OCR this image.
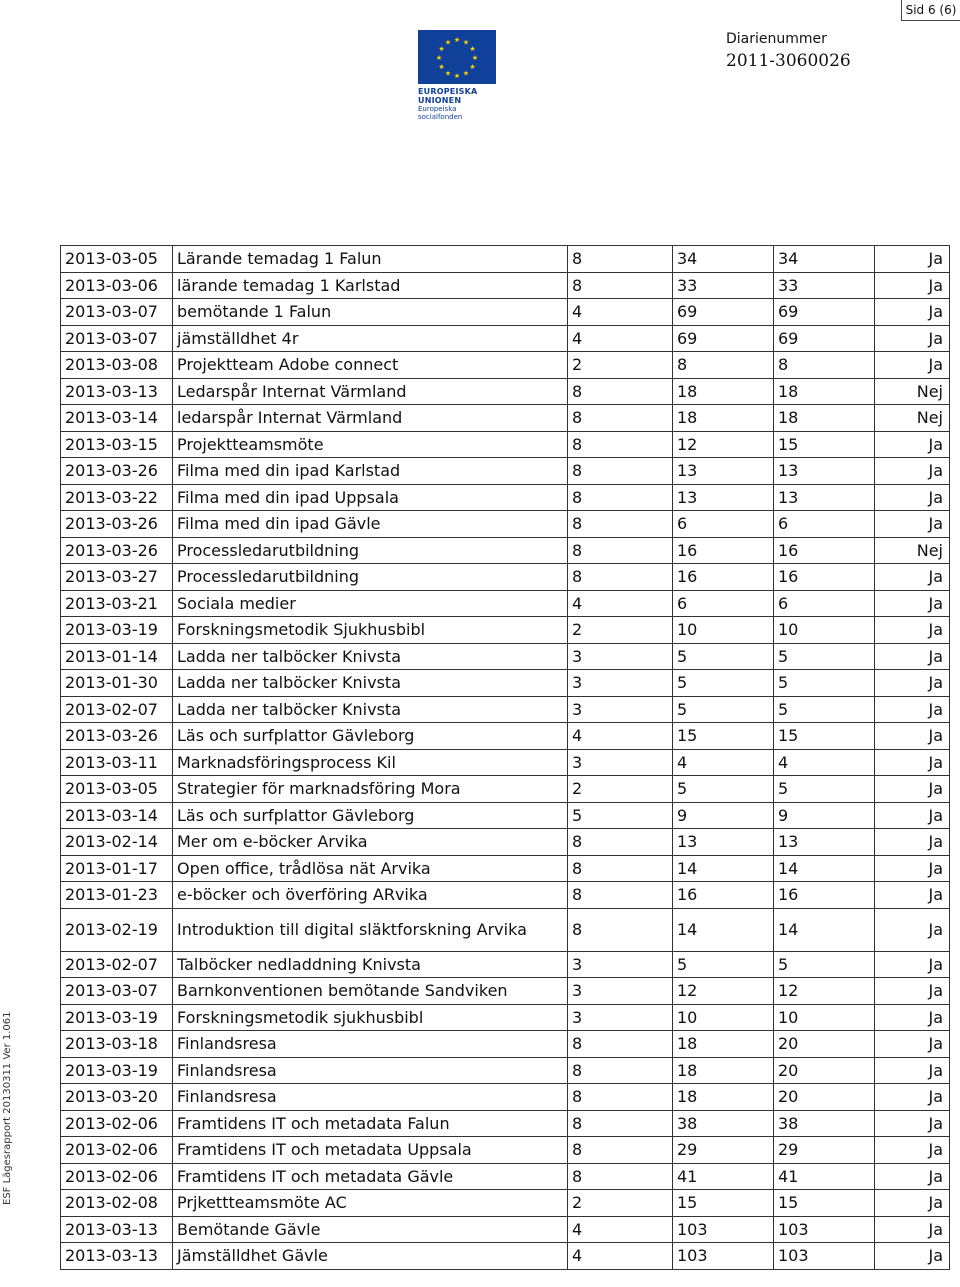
Sid 6 (6)
★ ★
★
★
★
★
★
★
★
★
★
★
EUROPEISKA UNIONEN
Europeiska socialfonden
Diarienummer
2011-3060026
ESF Lägesrapport 20130311 Ver 1.061
2013-03-05	Lärande temadag 1 Falun	8	34	34	Ja
2013-03-06	lärande temadag 1 Karlstad	8	33	33	Ja
2013-03-07	bemötande 1 Falun	4	69	69	Ja
2013-03-07	jämställdhet 4r	4	69	69	Ja
2013-03-08	Projektteam Adobe connect	2	8	8	Ja
2013-03-13	Ledarspår Internat Värmland	8	18	18	Nej
2013-03-14	ledarspår Internat Värmland	8	18	18	Nej
2013-03-15	Projektteamsmöte	8	12	15	Ja
2013-03-26	Filma med din ipad Karlstad	8	13	13	Ja
2013-03-22	Filma med din ipad Uppsala	8	13	13	Ja
2013-03-26	Filma med din ipad Gävle	8	6	6	Ja
2013-03-26	Processledarutbildning	8	16	16	Nej
2013-03-27	Processledarutbildning	8	16	16	Ja
2013-03-21	Sociala medier	4	6	6	Ja
2013-03-19	Forskningsmetodik Sjukhusbibl	2	10	10	Ja
2013-01-14	Ladda ner talböcker Knivsta	3	5	5	Ja
2013-01-30	Ladda ner talböcker Knivsta	3	5	5	Ja
2013-02-07	Ladda ner talböcker Knivsta	3	5	5	Ja
2013-03-26	Läs och surfplattor Gävleborg	4	15	15	Ja
2013-03-11	Marknadsföringsprocess Kil	3	4	4	Ja
2013-03-05	Strategier för marknadsföring Mora	2	5	5	Ja
2013-03-14	Läs och surfplattor Gävleborg	5	9	9	Ja
2013-02-14	Mer om e-böcker Arvika	8	13	13	Ja
2013-01-17	Open office, trådlösa nät Arvika	8	14	14	Ja
2013-01-23	e-böcker och överföring ARvika	8	16	16	Ja
2013-02-19	Introduktion till digital släktforskning Arvika	8	14	14	Ja
2013-02-07	Talböcker nedladdning Knivsta	3	5	5	Ja
2013-03-07	Barnkonventionen bemötande Sandviken	3	12	12	Ja
2013-03-19	Forskningsmetodik sjukhusbibl	3	10	10	Ja
2013-03-18	Finlandsresa	8	18	20	Ja
2013-03-19	Finlandsresa	8	18	20	Ja
2013-03-20	Finlandsresa	8	18	20	Ja
2013-02-06	Framtidens IT och metadata Falun	8	38	38	Ja
2013-02-06	Framtidens IT och metadata Uppsala	8	29	29	Ja
2013-02-06	Framtidens IT och metadata Gävle	8	41	41	Ja
2013-02-08	Prjkettteamsmöte AC	2	15	15	Ja
2013-03-13	Bemötande Gävle	4	103	103	Ja
2013-03-13	Jämställdhet Gävle	4	103	103	Ja
